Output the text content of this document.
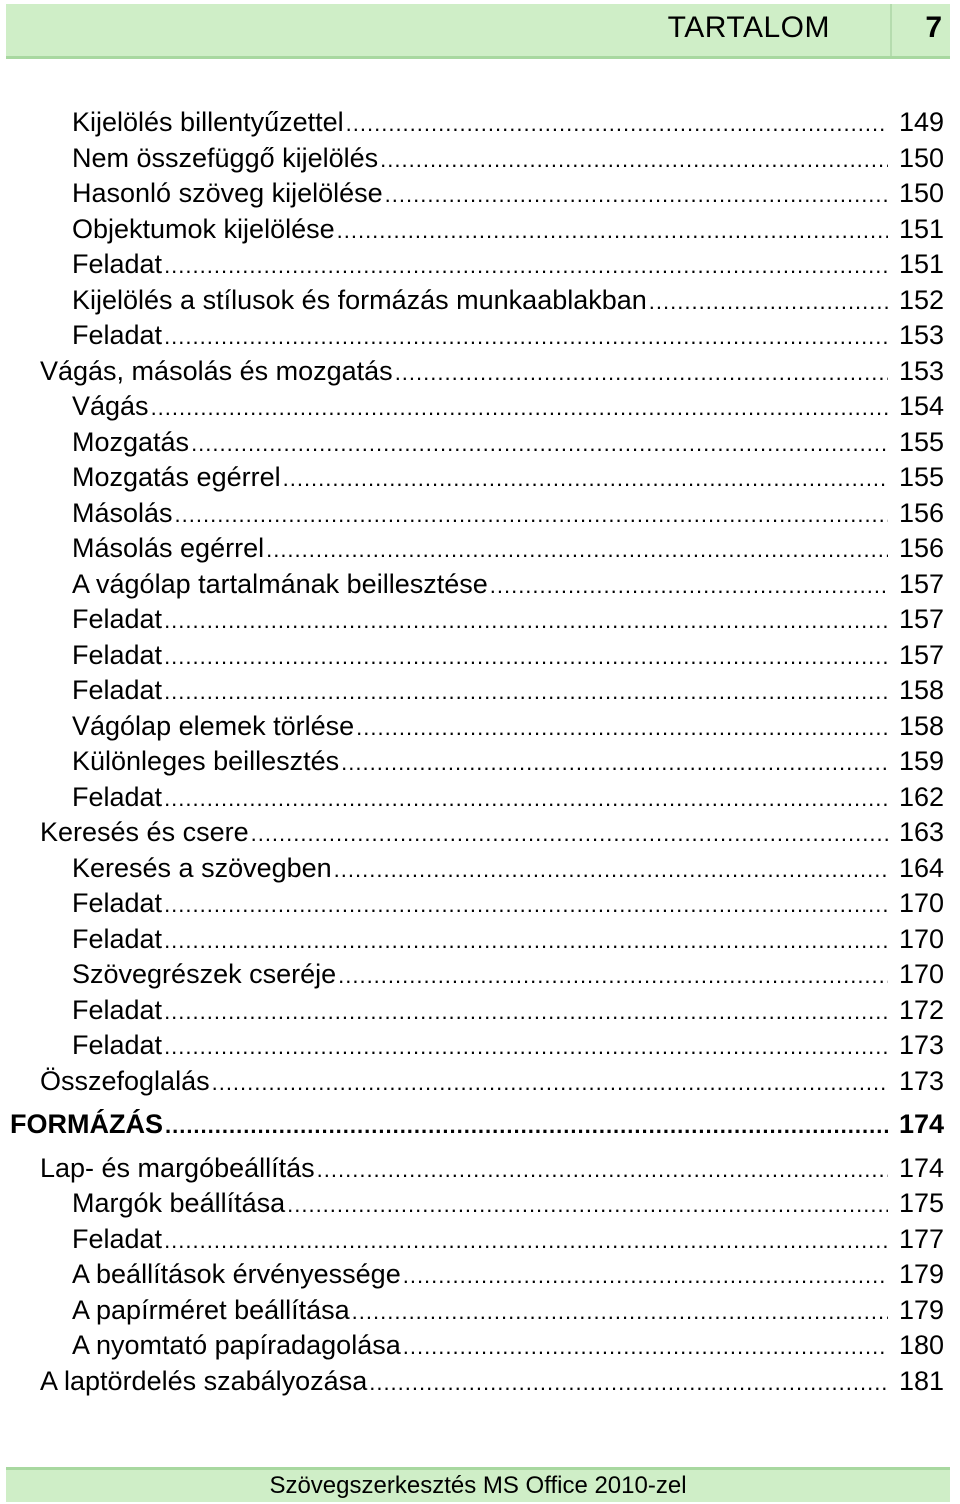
TARTALOM	7
Kijelölés billentyűzettel .....	149
Nem összefüggő kijelölés .....	150
Hasonló szöveg kijelölése .....	150
Objektumok kijelölése .....	151
Feladat .....	151
Kijelölés a stílusok és formázás munkaablakban .....	152
Feladat .....	153
Vágás, másolás és mozgatás .....	153
Vágás .....	154
Mozgatás .....	155
Mozgatás egérrel .....	155
Másolás .....	156
Másolás egérrel .....	156
A vágólap tartalmának beillesztése .....	157
Feladat .....	157
Feladat .....	157
Feladat .....	158
Vágólap elemek törlése .....	158
Különleges beillesztés .....	159
Feladat .....	162
Keresés és csere .....	163
Keresés a szövegben .....	164
Feladat .....	170
Feladat .....	170
Szövegrészek cseréje .....	170
Feladat .....	172
Feladat .....	173
Összefoglalás .....	173
FORMÁZÁS .....	174
Lap- és margóbeállítás .....	174
Margók beállítása .....	175
Feladat .....	177
A beállítások érvényessége .....	179
A papírméret beállítása .....	179
A nyomtató papíradagolása .....	180
A laptördelés szabályozása .....	181
Szövegszerkesztés MS Office 2010-zel
